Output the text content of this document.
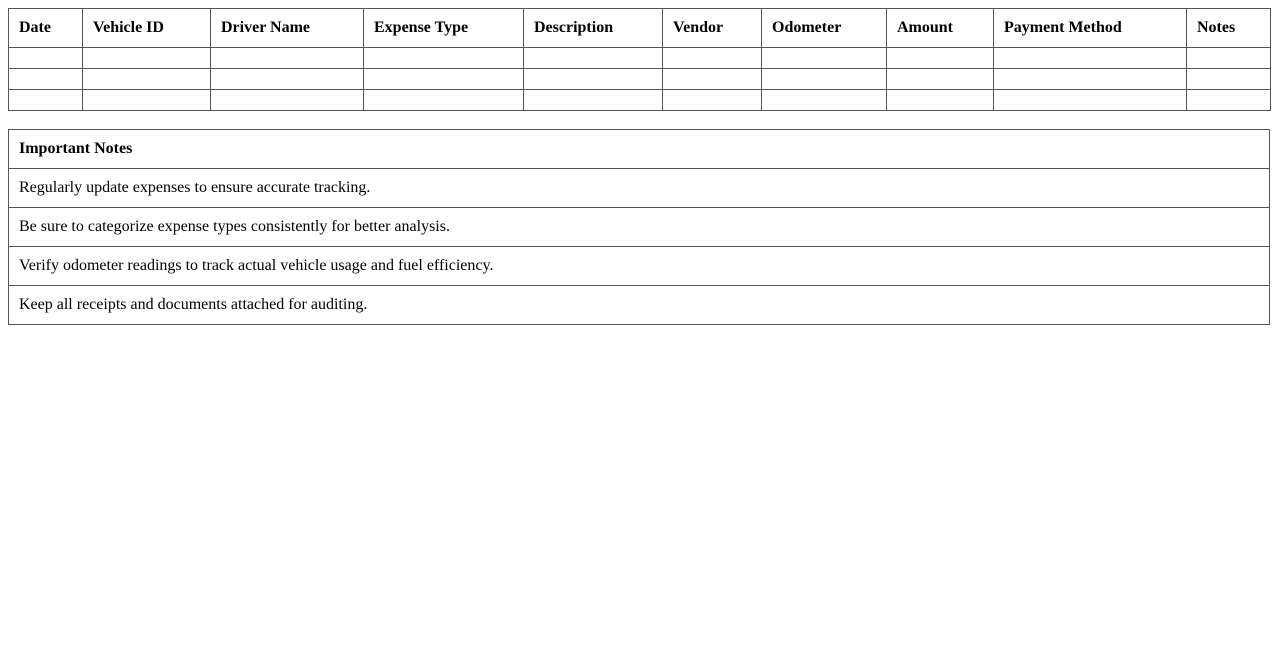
Date	Vehicle ID	Driver Name	Expense Type	Description	Vendor	Odometer	Amount	Payment Method	Notes

Important Notes
Regularly update expenses to ensure accurate tracking.
Be sure to categorize expense types consistently for better analysis.
Verify odometer readings to track actual vehicle usage and fuel efficiency.
Keep all receipts and documents attached for auditing.
